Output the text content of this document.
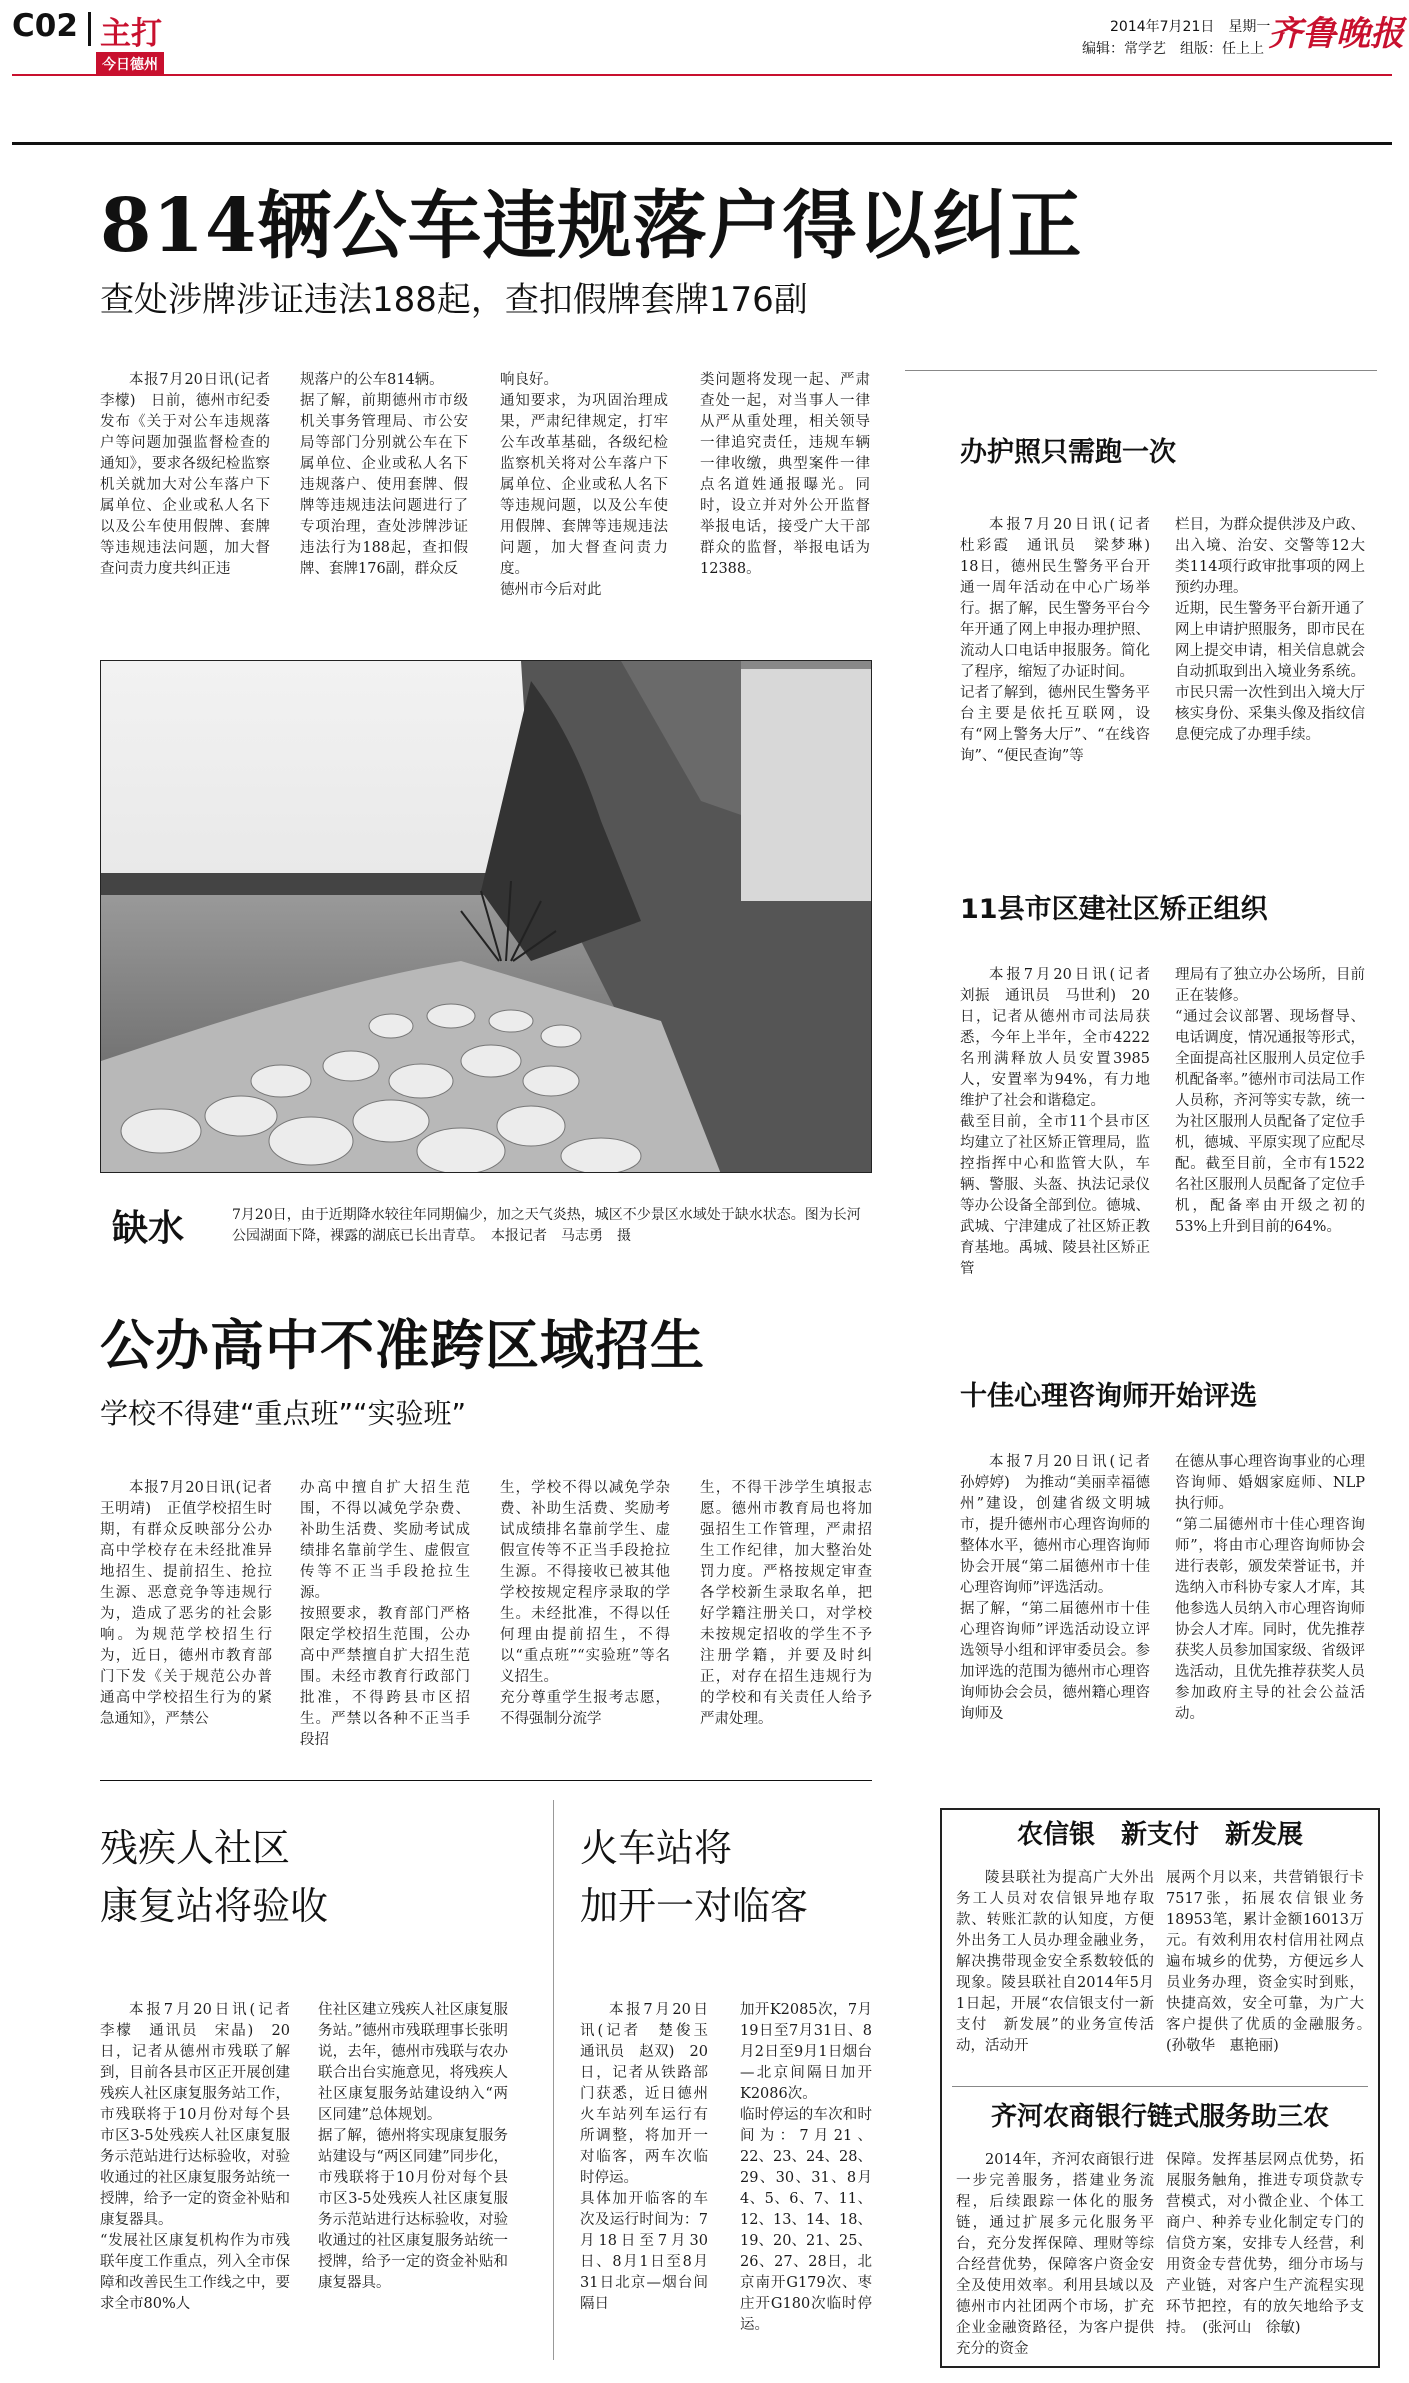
C02 主打
今日德州
2014年7月21日　星期一
编辑：常学艺　组版：任上上 齐鲁晚报
814辆公车违规落户得以纠正
查处涉牌涉证违法188起，查扣假牌套牌176副

本报7月20日讯(记者　李檬)　日前，德州市纪委发布《关于对公车违规落户等问题加强监督检查的通知》，要求各级纪检监察机关就加大对公车落户下属单位、企业或私人名下以及公车使用假牌、套牌等违规违法问题，加大督查问责力度共纠正违

规落户的公车814辆。
据了解，前期德州市市级机关事务管理局、市公安局等部门分别就公车在下属单位、企业或私人名下违规落户、使用套牌、假牌等违规违法问题进行了专项治理，查处涉牌涉证违法行为188起，查扣假牌、套牌176副，群众反
响良好。
通知要求，为巩固治理成果，严肃纪律规定，打牢公车改革基础，各级纪检监察机关将对公车落户下属单位、企业或私人名下等违规问题，以及公车使用假牌、套牌等违规违法问题，加大督查问责力度。
德州市今后对此
类问题将发现一起、严肃查处一起，对当事人一律从严从重处理，相关领导一律追究责任，违规车辆一律收缴，典型案件一律点名道姓通报曝光。同时，设立并对外公开监督举报电话，接受广大干部群众的监督，举报电话为12388。
缺水	7月20日，由于近期降水较往年同期偏少，加之天气炎热，城区不少景区水域处于缺水状态。图为长河公园湖面下降，裸露的湖底已长出青草。　本报记者　马志勇　摄
公办高中不准跨区域招生
学校不得建“重点班”“实验班”

本报7月20日讯(记者　王明靖)　正值学校招生时期，有群众反映部分公办高中学校存在未经批准异地招生、提前招生、抢拉生源、恶意竞争等违规行为，造成了恶劣的社会影响。为规范学校招生行为，近日，德州市教育部门下发《关于规范公办普通高中学校招生行为的紧急通知》，严禁公

办高中擅自扩大招生范围，不得以减免学杂费、补助生活费、奖励考试成绩排名靠前学生、虚假宣传等不正当手段抢拉生源。
按照要求，教育部门严格限定学校招生范围，公办高中严禁擅自扩大招生范围。未经市教育行政部门批准，不得跨县市区招生。严禁以各种不正当手段招
生，学校不得以减免学杂费、补助生活费、奖励考试成绩排名靠前学生、虚假宣传等不正当手段抢拉生源。不得接收已被其他学校按规定程序录取的学生。未经批准，不得以任何理由提前招生，不得以“重点班”“实验班”等名义招生。
充分尊重学生报考志愿，不得强制分流学
生，不得干涉学生填报志愿。德州市教育局也将加强招生工作管理，严肃招生工作纪律，加大整治处罚力度。严格按规定审查各学校新生录取名单，把好学籍注册关口，对学校未按规定招收的学生不予注册学籍，并要及时纠正，对存在招生违规行为的学校和有关责任人给予严肃处理。
残疾人社区
康复站将验收

本报7月20日讯(记者　李檬　通讯员　宋晶)　20日，记者从德州市残联了解到，目前各县市区正开展创建残疾人社区康复服务站工作，市残联将于10月份对每个县市区3-5处残疾人社区康复服务示范站进行达标验收，对验收通过的社区康复服务站统一授牌，给予一定的资金补贴和康复器具。
“发展社区康复机构作为市残联年度工作重点，列入全市保障和改善民生工作线之中，要求全市80%人

住社区建立残疾人社区康复服务站。”德州市残联理事长张明说，去年，德州市残联与农办联合出台实施意见，将残疾人社区康复服务站建设纳入“两区同建”总体规划。
据了解，德州将实现康复服务站建设与“两区同建”同步化，市残联将于10月份对每个县市区3-5处残疾人社区康复服务示范站进行达标验收，对验收通过的社区康复服务站统一授牌，给予一定的资金补贴和康复器具。
火车站将
加开一对临客

本报7月20日讯(记者　楚俊玉　通讯员　赵双)　20日，记者从铁路部门获悉，近日德州火车站列车运行有所调整，将加开一对临客，两车次临时停运。
具体加开临客的车次及运行时间为：7月18日至7月30日、8月1日至8月31日北京—烟台间隔日

加开K2085次，7月19日至7月31日、8月2日至9月1日烟台—北京间隔日加开K2086次。
临时停运的车次和时间为：7月21、22、23、24、28、29、30、31、8月4、5、6、7、11、12、13、14、18、19、20、21、25、26、27、28日，北京南开G179次、枣庄开G180次临时停运。
办护照只需跑一次

本报7月20日讯(记者　杜彩霞　通讯员　梁梦琳)　18日，德州民生警务平台开通一周年活动在中心广场举行。据了解，民生警务平台今年开通了网上申报办理护照、流动人口电话申报服务。简化了程序，缩短了办证时间。
记者了解到，德州民生警务平台主要是依托互联网，设有“网上警务大厅”、“在线咨询”、“便民查询”等

栏目，为群众提供涉及户政、出入境、治安、交警等12大类114项行政审批事项的网上预约办理。
近期，民生警务平台新开通了网上申请护照服务，即市民在网上提交申请，相关信息就会自动抓取到出入境业务系统。市民只需一次性到出入境大厅核实身份、采集头像及指纹信息便完成了办理手续。
11县市区建社区矫正组织

本报7月20日讯(记者　刘振　通讯员　马世利)　20日，记者从德州市司法局获悉，今年上半年，全市4222名刑满释放人员安置3985人，安置率为94%，有力地维护了社会和谐稳定。
截至目前，全市11个县市区均建立了社区矫正管理局，监控指挥中心和监管大队，车辆、警服、头盔、执法记录仪等办公设备全部到位。德城、武城、宁津建成了社区矫正教育基地。禹城、陵县社区矫正管

理局有了独立办公场所，目前正在装修。
“通过会议部署、现场督导、电话调度，情况通报等形式，全面提高社区服刑人员定位手机配备率。”德州市司法局工作人员称，齐河等实专款，统一为社区服刑人员配备了定位手机，德城、平原实现了应配尽配。截至目前，全市有1522名社区服刑人员配备了定位手机，配备率由开级之初的53%上升到目前的64%。
十佳心理咨询师开始评选

本报7月20日讯(记者　孙婷婷)　为推动“美丽幸福德州”建设，创建省级文明城市，提升德州市心理咨询师的整体水平，德州市心理咨询师协会开展“第二届德州市十佳心理咨询师”评选活动。
据了解，“第二届德州市十佳心理咨询师”评选活动设立评选领导小组和评审委员会。参加评选的范围为德州市心理咨询师协会会员，德州籍心理咨询师及

在德从事心理咨询事业的心理咨询师、婚姻家庭师、NLP执行师。
“第二届德州市十佳心理咨询师”，将由市心理咨询师协会进行表彰，颁发荣誉证书，并选纳入市科协专家人才库，其他参选人员纳入市心理咨询师协会人才库。同时，优先推荐获奖人员参加国家级、省级评选活动，且优先推荐获奖人员参加政府主导的社会公益活动。
农信银　新支付　新发展

陵县联社为提高广大外出务工人员对农信银异地存取款、转账汇款的认知度，方便外出务工人员办理金融业务，解决携带现金安全系数较低的现象。陵县联社自2014年5月1日起，开展“农信银支付一新支付　新发展”的业务宣传活动，活动开

展两个月以来，共营销银行卡7517张，拓展农信银业务18953笔，累计金额16013万元。有效利用农村信用社网点遍布城乡的优势，方便远乡人员业务办理，资金实时到账，快捷高效，安全可靠，为广大客户提供了优质的金融服务。　(孙敬华　惠艳丽)
齐河农商银行链式服务助三农

2014年，齐河农商银行进一步完善服务，搭建业务流程，后续跟踪一体化的服务链，通过扩展多元化服务平台，充分发挥保障、理财等综合经营优势，保障客户资金安全及使用效率。利用县域以及德州市内社团两个市场，扩充企业金融资路径，为客户提供充分的资金

保障。发挥基层网点优势，拓展服务触角，推进专项贷款专营模式，对小微企业、个体工商户、种养专业化制定专门的信贷方案，安排专人经营，利用资金专营优势，细分市场与产业链，对客户生产流程实现环节把控，有的放矢地给予支持。　(张河山　徐敏)
